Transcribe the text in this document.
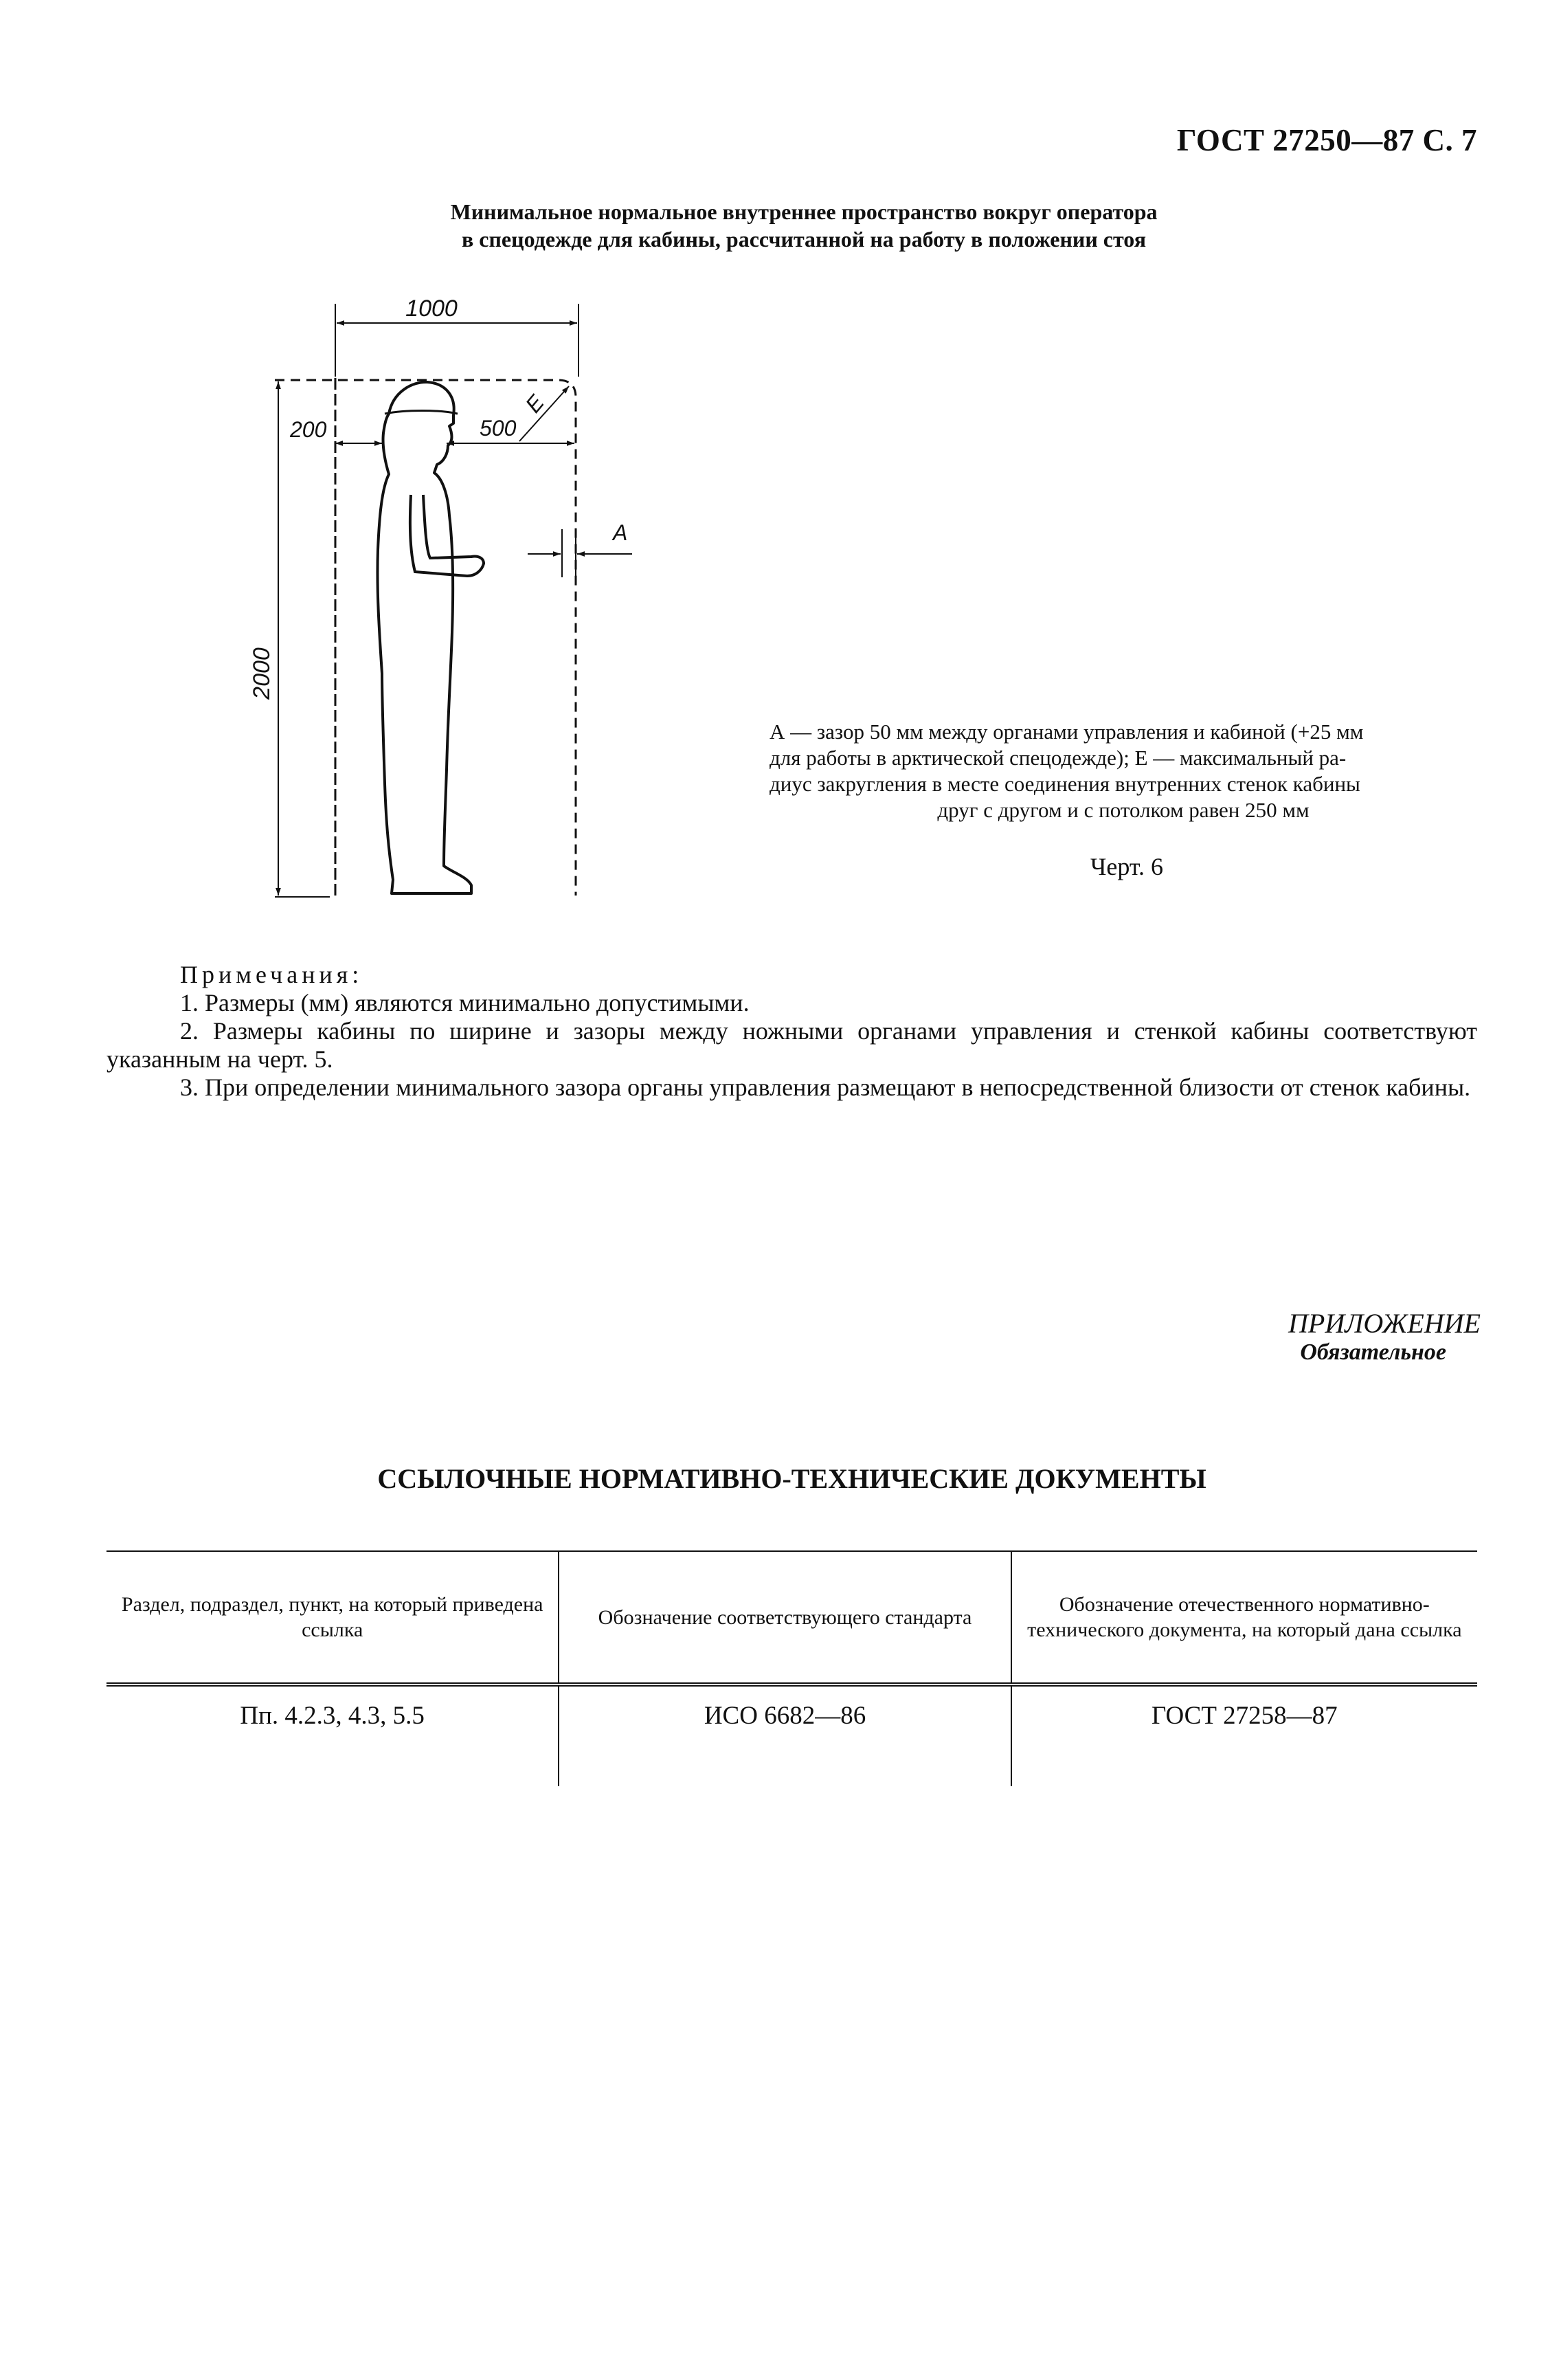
ГОСТ 27250—87 С. 7
Минимальное нормальное внутреннее пространство вокруг оператора
в спецодежде для кабины, рассчитанной на работу в положении стоя
1000
200	500
E
A
2000
А — зазор 50 мм между органами управления и кабиной (+25 мм
для работы в арктической спецодежде); Е — максимальный ра-
диус закругления в месте соединения внутренних стенок кабины
друг с другом и с потолком равен 250 мм
Черт. 6
Примечания:
1. Размеры (мм) являются минимально допустимыми.
2. Размеры кабины по ширине и зазоры между ножными органами управления и стенкой кабины соответствуют указанным на черт. 5.
3. При определении минимального зазора органы управления размещают в непосредственной близости от стенок кабины.
ПРИЛОЖЕНИЕ
Обязательное
ССЫЛОЧНЫЕ НОРМАТИВНО-ТЕХНИЧЕСКИЕ ДОКУМЕНТЫ
Раздел, подраздел, пункт, на который приведена ссылка	Обозначение соответствующего стандарта	Обозначение отечественного нормативно-технического документа, на который дана ссылка
Пп. 4.2.3, 4.3, 5.5	ИСО 6682—86	ГОСТ 27258—87
